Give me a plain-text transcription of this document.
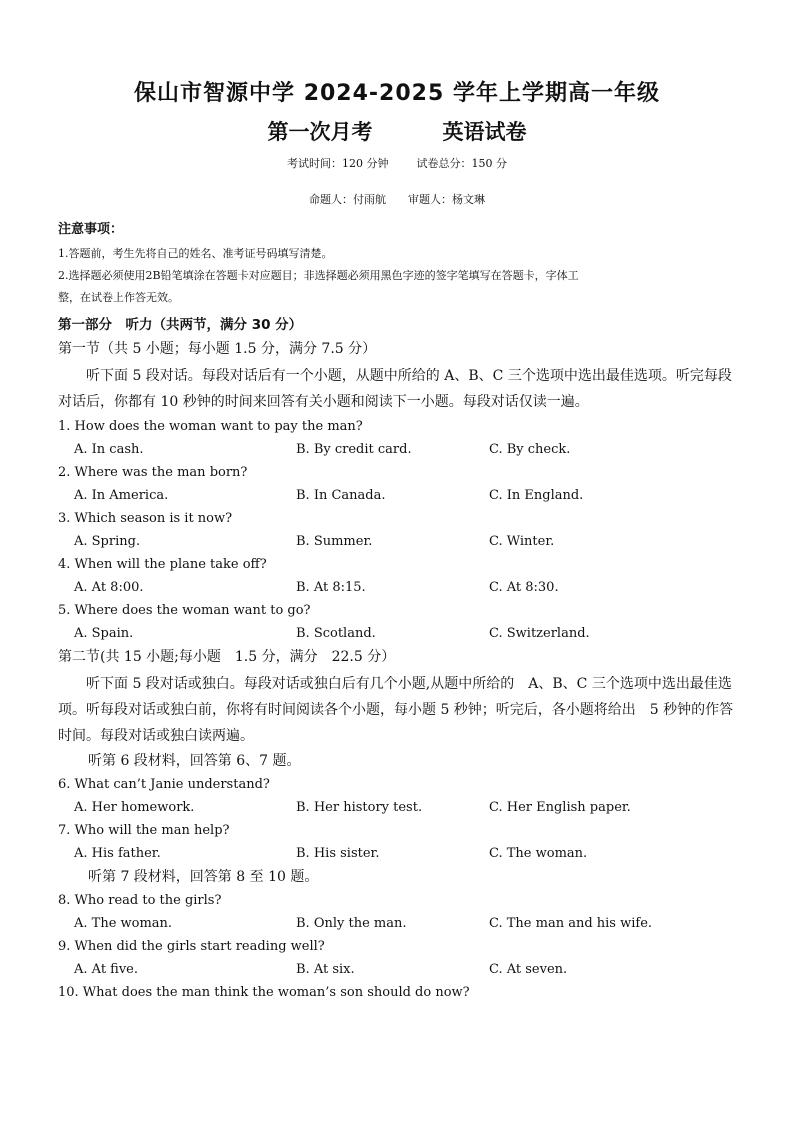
保山市智源中学 2024-2025 学年上学期高一年级
第一次月考	英语试卷
考试时间：120 分钟	试卷总分：150 分
命题人：付雨航 审题人：杨文琳
注意事项：

1.答题前，考生先将自己的姓名、准考证号码填写清楚。

2.选择题必须使用2B铅笔填涂在答题卡对应题目；非选择题必须用黑色字迹的签字笔填写在答题卡，字体工

整，在试卷上作答无效。

第一部分　听力（共两节，满分 30 分）
第一节（共 5 小题；每小题 1.5 分，满分 7.5 分）

听下面 5 段对话。每段对话后有一个小题，从题中所给的 A、B、C 三个选项中选出最佳选项。听完每段对话后，你都有 10 秒钟的时间来回答有关小题和阅读下一小题。每段对话仅读一遍。

1. How does the woman want to pay the man?
A. In cash.	B. By credit card.	C. By check.
2. Where was the man born?
A. In America.	B. In Canada.	C. In England.
3. Which season is it now?
A. Spring.	B. Summer.	C. Winter.
4. When will the plane take off?
A. At 8:00.	B. At 8:15.	C. At 8:30.
5. Where does the woman want to go?
A. Spain.	B. Scotland.	C. Switzerland.
第二节(共 15 小题;每小题　1.5 分，满分　22.5 分）

听下面 5 段对话或独白。每段对话或独白后有几个小题,从题中所给的　A、B、C 三个选项中选出最佳选项。听每段对话或独白前，你将有时间阅读各个小题，每小题 5 秒钟；听完后，各小题将给出　5 秒钟的作答时间。每段对话或独白读两遍。

听第 6 段材料，回答第 6、7 题。
6. What can’t Janie understand?
A. Her homework.	B. Her history test.	C. Her English paper.
7. Who will the man help?
A. His father.	B. His sister.	C. The woman.
听第 7 段材料，回答第 8 至 10 题。
8. Who read to the girls?
A. The woman.	B. Only the man.	C. The man and his wife.
9. When did the girls start reading well?
A. At five.	B. At six.	C. At seven.
10. What does the man think the woman’s son should do now?
